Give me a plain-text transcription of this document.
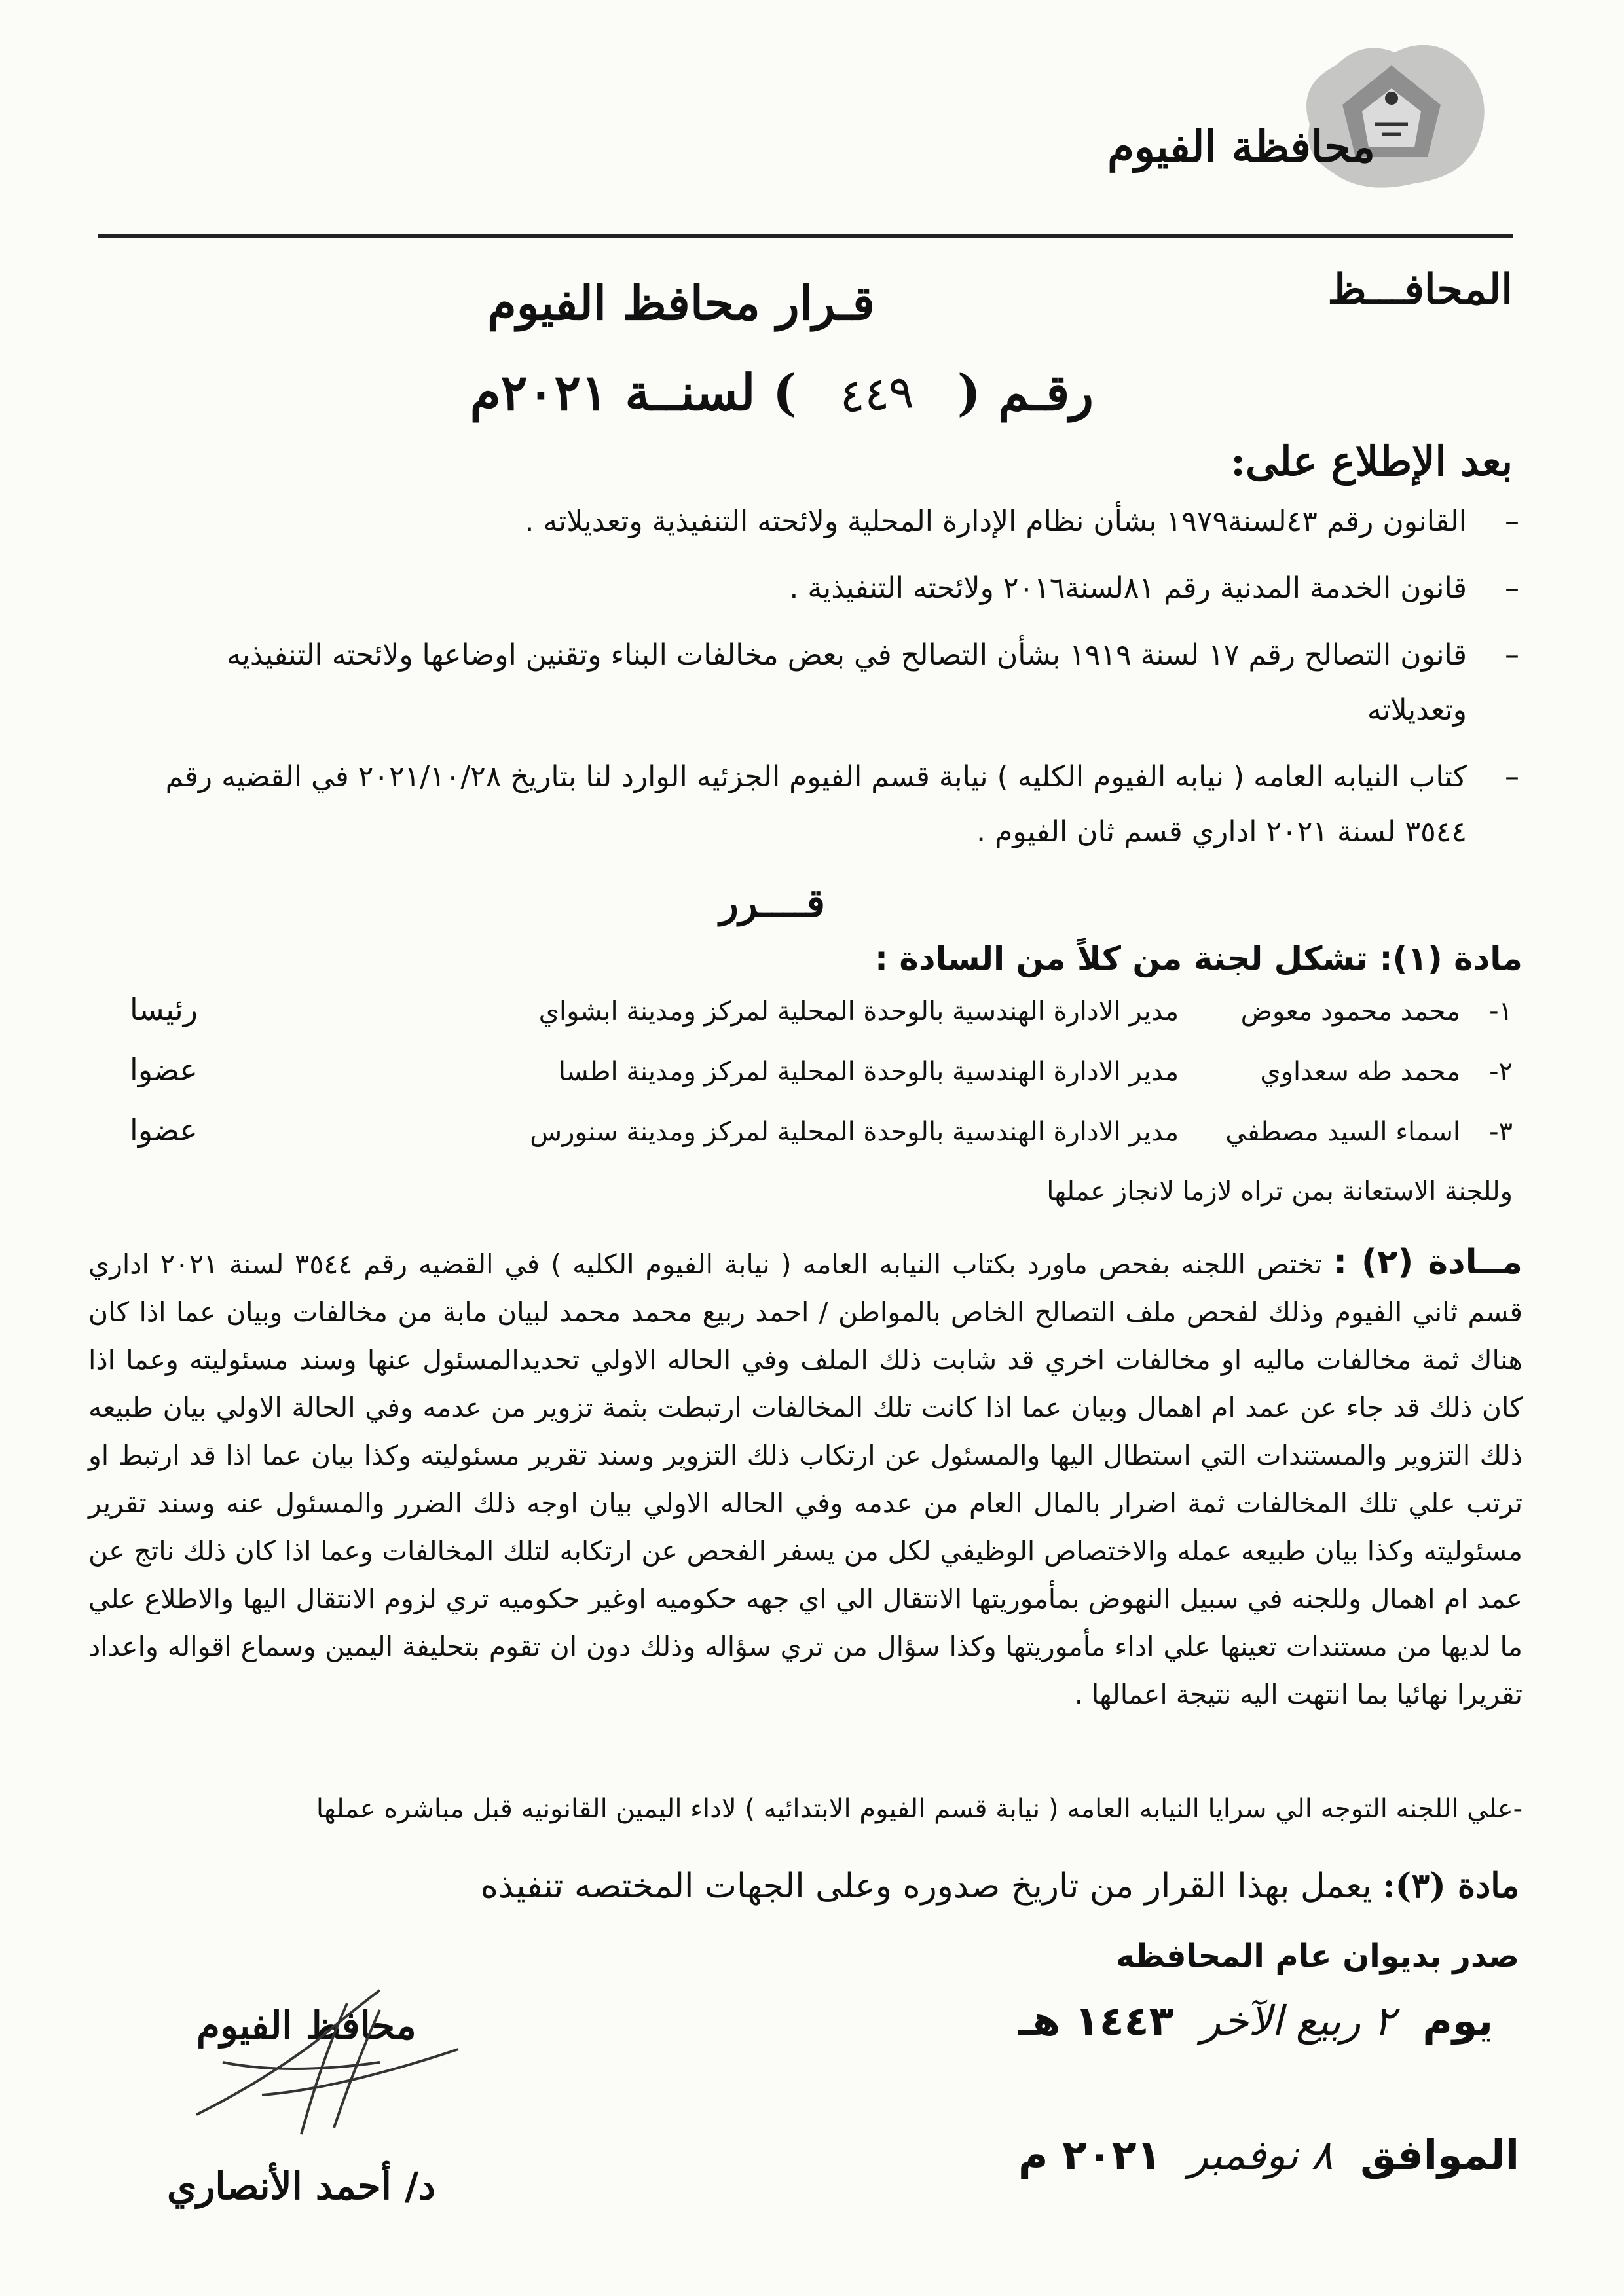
محافظة الفيوم
المحافـــظ
قـرار محافظ الفيوم
رقـم ( ٤٤٩ ) لسنــة ٢٠٢١م
بعد الإطلاع على:
– القانون رقم ٤٣لسنة١٩٧٩ بشأن نظام الإدارة المحلية ولائحته التنفيذية وتعديلاته .
– قانون الخدمة المدنية رقم ٨١لسنة٢٠١٦ ولائحته التنفيذية .
– قانون التصالح رقم ١٧ لسنة ١٩١٩ بشأن التصالح في بعض مخالفات البناء وتقنين اوضاعها ولائحته التنفيذيه وتعديلاته
– كتاب النيابه العامه ( نيابه الفيوم الكليه ) نيابة قسم الفيوم الجزئيه الوارد لنا بتاريخ ٢٠٢١/١٠/٢٨ في القضيه رقم ٣٥٤٤ لسنة ٢٠٢١ اداري قسم ثان الفيوم .
قــــرر
مادة (١): تشكل لجنة من كلاً من السادة :
١-
محمد محمود معوض
مدير الادارة الهندسية بالوحدة المحلية لمركز ومدينة ابشواي
رئيسا
٢-
محمد طه سعداوي
مدير الادارة الهندسية بالوحدة المحلية لمركز ومدينة اطسا
عضوا
٣-
اسماء السيد مصطفي
مدير الادارة الهندسية بالوحدة المحلية لمركز ومدينة سنورس
عضوا
وللجنة الاستعانة بمن تراه لازما لانجاز عملها
مــادة (٢) : تختص اللجنه بفحص ماورد بكتاب النيابه العامه ( نيابة الفيوم الكليه ) في القضيه رقم ٣٥٤٤ لسنة ٢٠٢١ اداري قسم ثاني الفيوم وذلك لفحص ملف التصالح الخاص بالمواطن / احمد ربيع محمد محمد لبيان مابة من مخالفات وبيان عما اذا كان هناك ثمة مخالفات ماليه او مخالفات اخري قد شابت ذلك الملف وفي الحاله الاولي تحديدالمسئول عنها وسند مسئوليته وعما اذا كان ذلك قد جاء عن عمد ام اهمال وبيان عما اذا كانت تلك المخالفات ارتبطت بثمة تزوير من عدمه وفي الحالة الاولي بيان طبيعه ذلك التزوير والمستندات التي استطال اليها والمسئول عن ارتكاب ذلك التزوير وسند تقرير مسئوليته وكذا بيان عما اذا قد ارتبط او ترتب علي تلك المخالفات ثمة اضرار بالمال العام من عدمه وفي الحاله الاولي بيان اوجه ذلك الضرر والمسئول عنه وسند تقرير مسئوليته وكذا بيان طبيعه عمله والاختصاص الوظيفي لكل من يسفر الفحص عن ارتكابه لتلك المخالفات وعما اذا كان ذلك ناتج عن عمد ام اهمال وللجنه في سبيل النهوض بمأموريتها الانتقال الي اي جهه حكوميه اوغير حكوميه تري لزوم الانتقال اليها والاطلاع علي ما لديها من مستندات تعينها علي اداء مأموريتها وكذا سؤال من تري سؤاله وذلك دون ان تقوم بتحليفة اليمين وسماع اقواله واعداد تقريرا نهائيا بما انتهت اليه نتيجة اعمالها .
-علي اللجنه التوجه الي سرايا النيابه العامه ( نيابة قسم الفيوم الابتدائيه ) لاداء اليمين القانونيه قبل مباشره عملها
مادة (٣): يعمل بهذا القرار من تاريخ صدوره وعلى الجهات المختصه تنفيذه
صدر بديوان عام المحافظه
يوم ٢ ربيع الآخر ١٤٤٣ هـ
الموافق ٨ نوفمبر ٢٠٢١ م
محافظ الفيوم
د/ أحمد الأنصاري
